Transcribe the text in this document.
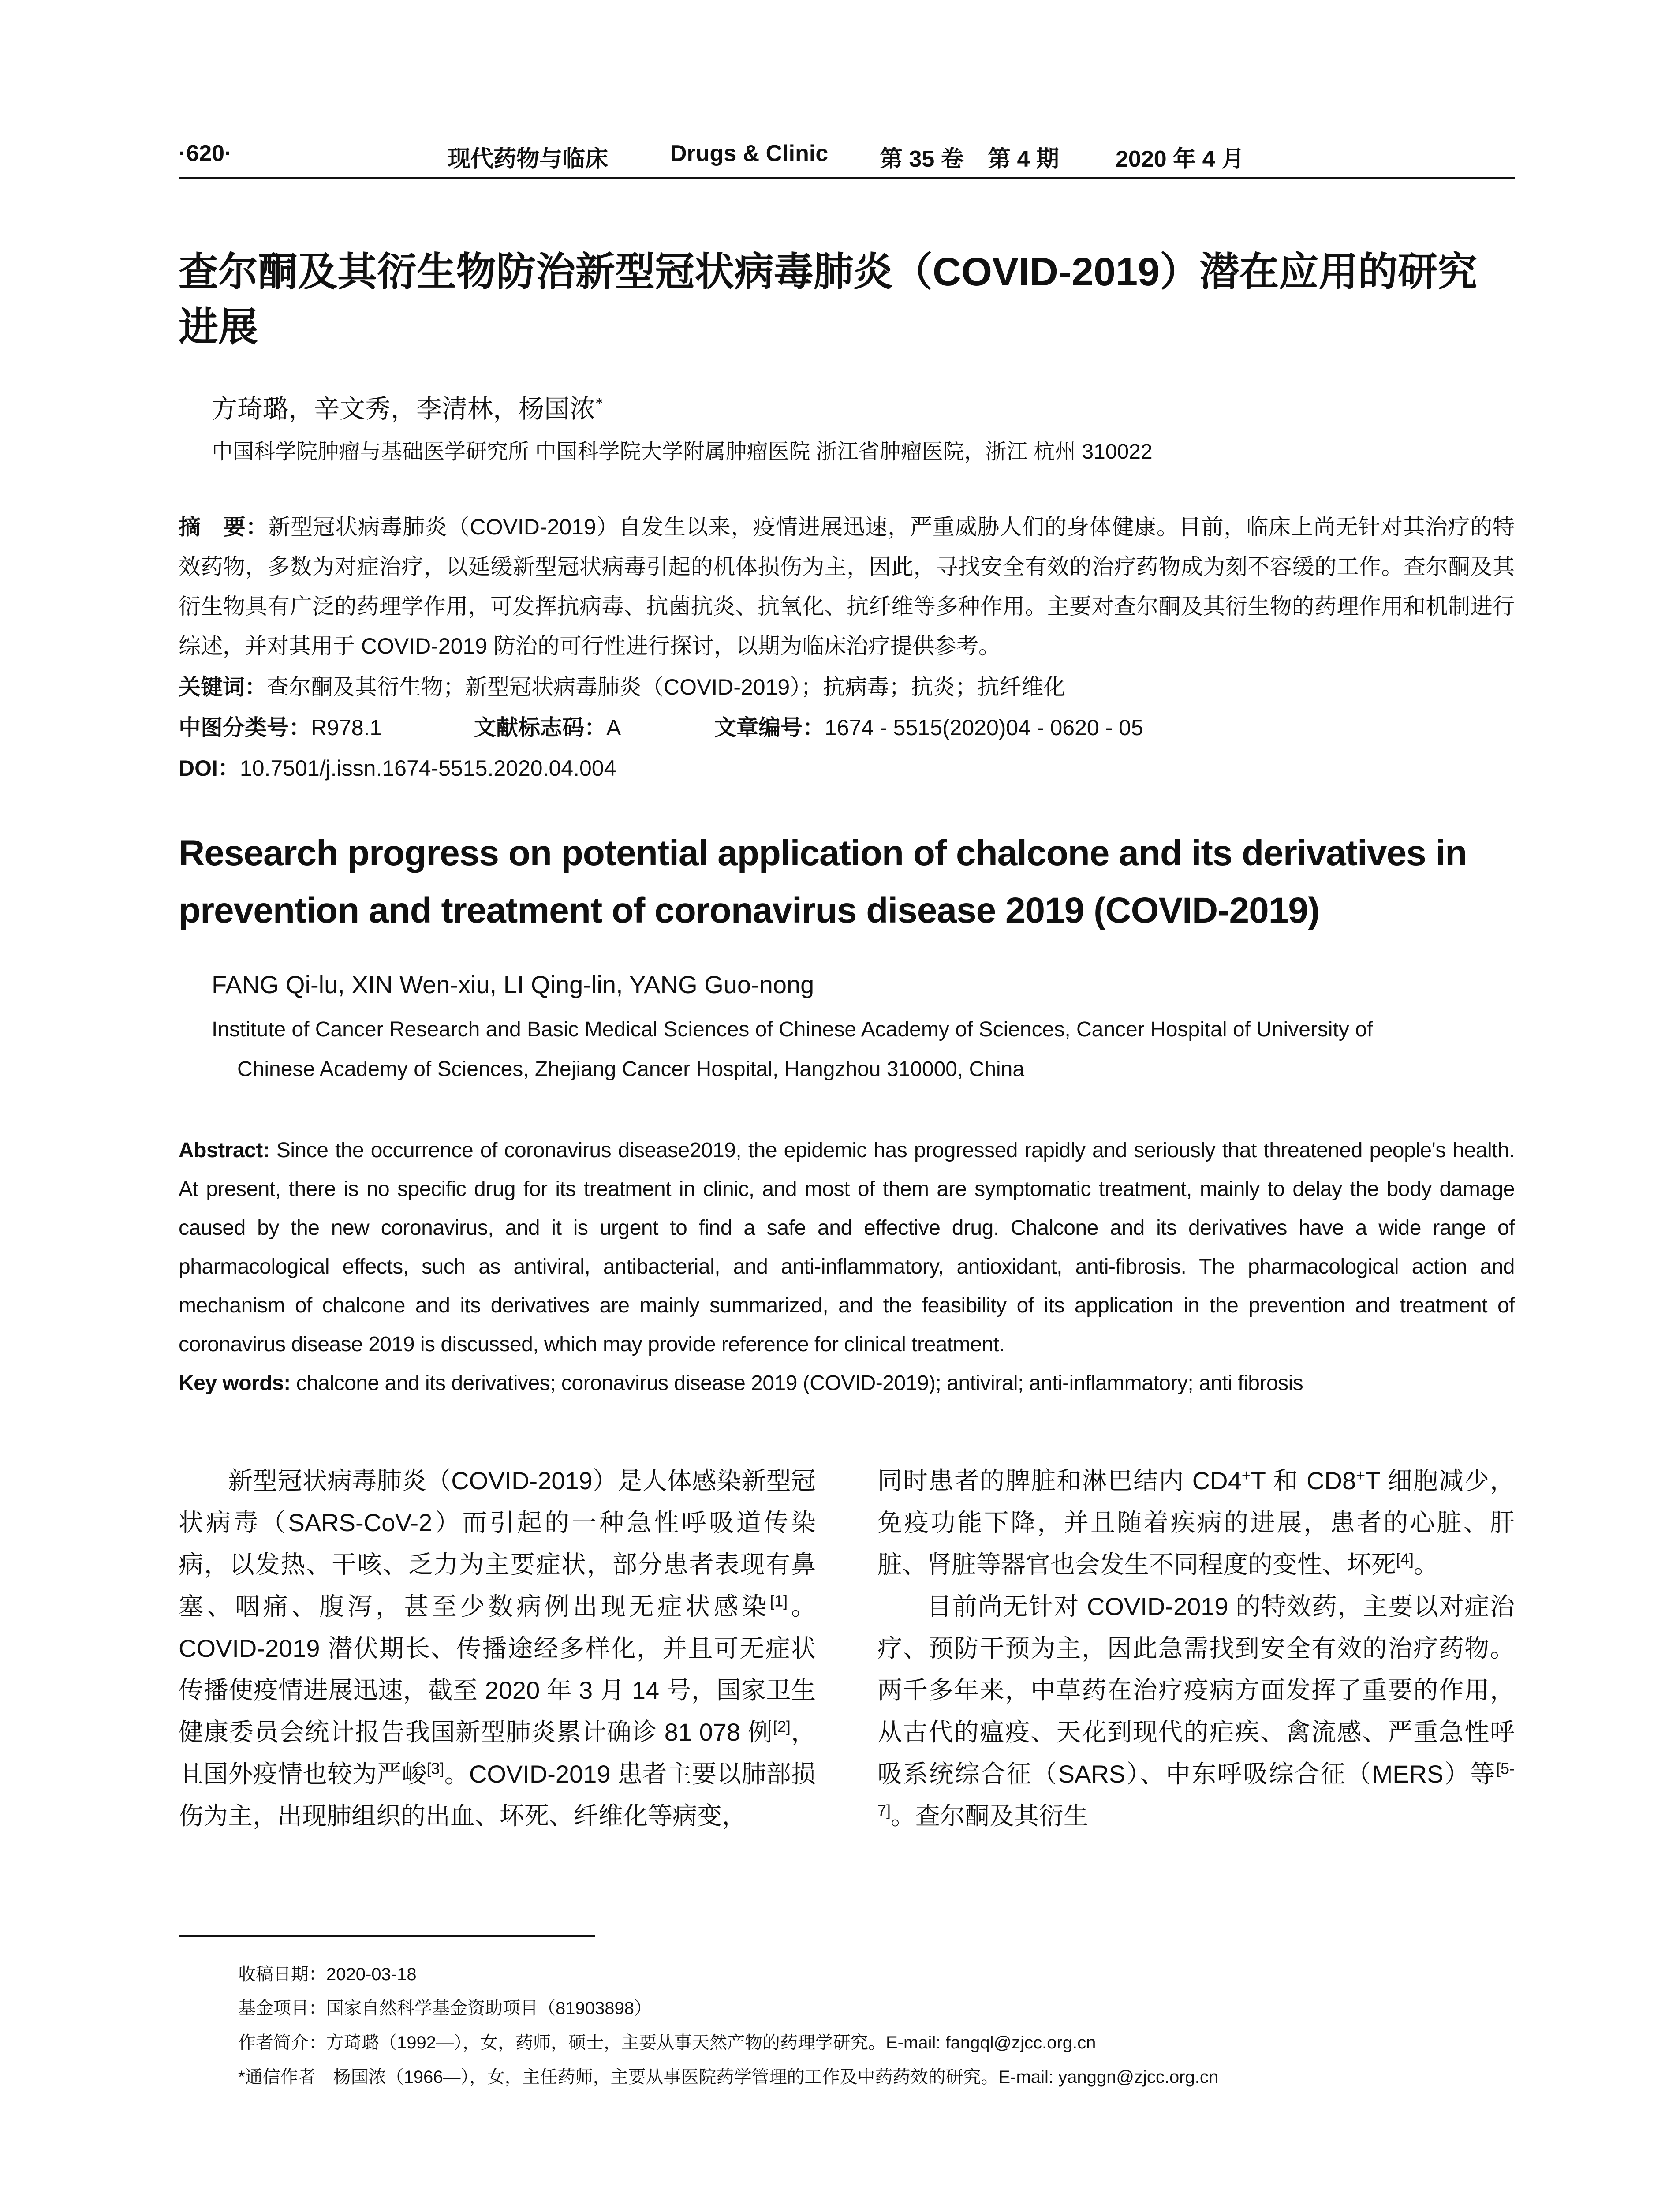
·620·	现代药物与临床	Drugs & Clinic 第 35 卷 第 4 期 2020 年 4 月
查尔酮及其衍生物防治新型冠状病毒肺炎（COVID-2019）潜在应用的研究进展
方琦璐，辛文秀，李清林，杨国浓*
中国科学院肿瘤与基础医学研究所 中国科学院大学附属肿瘤医院 浙江省肿瘤医院，浙江 杭州 310022
摘　要：新型冠状病毒肺炎（COVID-2019）自发生以来，疫情进展迅速，严重威胁人们的身体健康。目前，临床上尚无针对其治疗的特效药物，多数为对症治疗，以延缓新型冠状病毒引起的机体损伤为主，因此，寻找安全有效的治疗药物成为刻不容缓的工作。查尔酮及其衍生物具有广泛的药理学作用，可发挥抗病毒、抗菌抗炎、抗氧化、抗纤维等多种作用。主要对查尔酮及其衍生物的药理作用和机制进行综述，并对其用于 COVID-2019 防治的可行性进行探讨，以期为临床治疗提供参考。
关键词：查尔酮及其衍生物；新型冠状病毒肺炎（COVID-2019）；抗病毒；抗炎；抗纤维化
中图分类号：R978.1	文献标志码：A	文章编号：1674 - 5515(2020)04 - 0620 - 05
DOI：10.7501/j.issn.1674-5515.2020.04.004
Research progress on potential application of chalcone and its derivatives in prevention and treatment of coronavirus disease 2019 (COVID-2019)
FANG Qi-lu, XIN Wen-xiu, LI Qing-lin, YANG Guo-nong
Institute of Cancer Research and Basic Medical Sciences of Chinese Academy of Sciences, Cancer Hospital of University of
Chinese Academy of Sciences, Zhejiang Cancer Hospital, Hangzhou 310000, China
Abstract: Since the occurrence of coronavirus disease2019, the epidemic has progressed rapidly and seriously that threatened people's health. At present, there is no specific drug for its treatment in clinic, and most of them are symptomatic treatment, mainly to delay the body damage caused by the new coronavirus, and it is urgent to find a safe and effective drug. Chalcone and its derivatives have a wide range of pharmacological effects, such as antiviral, antibacterial, and anti-inflammatory, antioxidant, anti-fibrosis. The pharmacological action and mechanism of chalcone and its derivatives are mainly summarized, and the feasibility of its application in the prevention and treatment of coronavirus disease 2019 is discussed, which may provide reference for clinical treatment.
Key words: chalcone and its derivatives; coronavirus disease 2019 (COVID-2019); antiviral; anti-inflammatory; anti fibrosis

新型冠状病毒肺炎（COVID-2019）是人体感染新型冠状病毒（SARS-CoV-2）而引起的一种急性呼吸道传染病，以发热、干咳、乏力为主要症状，部分患者表现有鼻塞、咽痛、腹泻，甚至少数病例出现无症状感染[1]。COVID-2019 潜伏期长、传播途经多样化，并且可无症状传播使疫情进展迅速，截至 2020 年 3 月 14 号，国家卫生健康委员会统计报告我国新型肺炎累计确诊 81 078 例[2]，且国外疫情也较为严峻[3]。COVID-2019 患者主要以肺部损伤为主，出现肺组织的出血、坏死、纤维化等病变，

同时患者的脾脏和淋巴结内 CD4+T 和 CD8+T 细胞减少，免疫功能下降，并且随着疾病的进展，患者的心脏、肝脏、肾脏等器官也会发生不同程度的变性、坏死[4]。

目前尚无针对 COVID-2019 的特效药，主要以对症治疗、预防干预为主，因此急需找到安全有效的治疗药物。两千多年来，中草药在治疗疫病方面发挥了重要的作用，从古代的瘟疫、天花到现代的疟疾、禽流感、严重急性呼吸系统综合征（SARS）、中东呼吸综合征（MERS）等[5-7]。查尔酮及其衍生

收稿日期：2020-03-18
基金项目：国家自然科学基金资助项目（81903898）
作者简介：方琦璐（1992—），女，药师，硕士，主要从事天然产物的药理学研究。E-mail: fangql@zjcc.org.cn
*通信作者　杨国浓（1966—），女，主任药师，主要从事医院药学管理的工作及中药药效的研究。E-mail: yanggn@zjcc.org.cn
